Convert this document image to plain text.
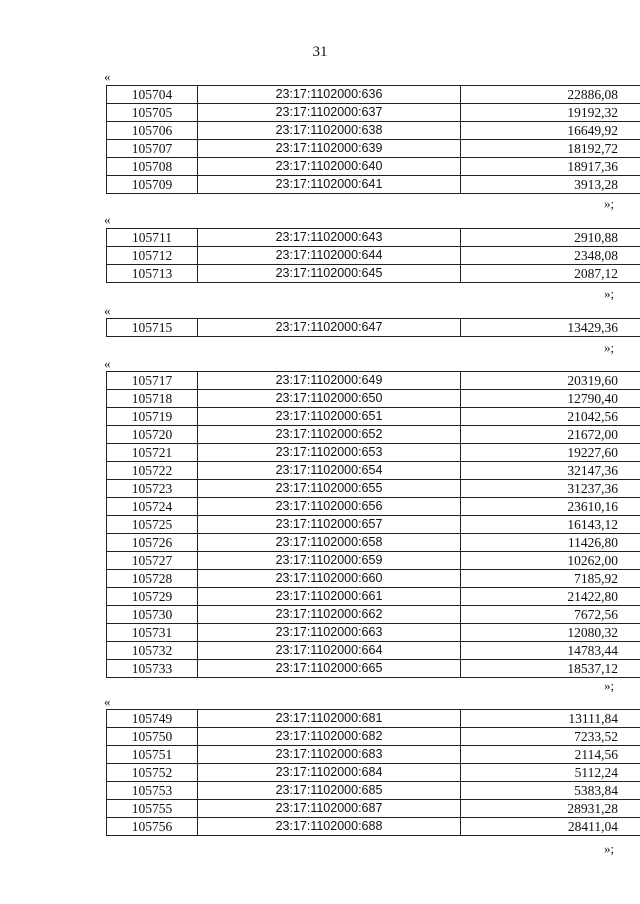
31
«
105704	23:17:1102000:636	22886,08
105705	23:17:1102000:637	19192,32
105706	23:17:1102000:638	16649,92
105707	23:17:1102000:639	18192,72
105708	23:17:1102000:640	18917,36
105709	23:17:1102000:641	3913,28
»;
«
105711	23:17:1102000:643	2910,88
105712	23:17:1102000:644	2348,08
105713	23:17:1102000:645	2087,12
»;
«
105715	23:17:1102000:647	13429,36
»;
«
105717	23:17:1102000:649	20319,60
105718	23:17:1102000:650	12790,40
105719	23:17:1102000:651	21042,56
105720	23:17:1102000:652	21672,00
105721	23:17:1102000:653	19227,60
105722	23:17:1102000:654	32147,36
105723	23:17:1102000:655	31237,36
105724	23:17:1102000:656	23610,16
105725	23:17:1102000:657	16143,12
105726	23:17:1102000:658	11426,80
105727	23:17:1102000:659	10262,00
105728	23:17:1102000:660	7185,92
105729	23:17:1102000:661	21422,80
105730	23:17:1102000:662	7672,56
105731	23:17:1102000:663	12080,32
105732	23:17:1102000:664	14783,44
105733	23:17:1102000:665	18537,12
»;
«
105749	23:17:1102000:681	13111,84
105750	23:17:1102000:682	7233,52
105751	23:17:1102000:683	2114,56
105752	23:17:1102000:684	5112,24
105753	23:17:1102000:685	5383,84
105755	23:17:1102000:687	28931,28
105756	23:17:1102000:688	28411,04
»;
